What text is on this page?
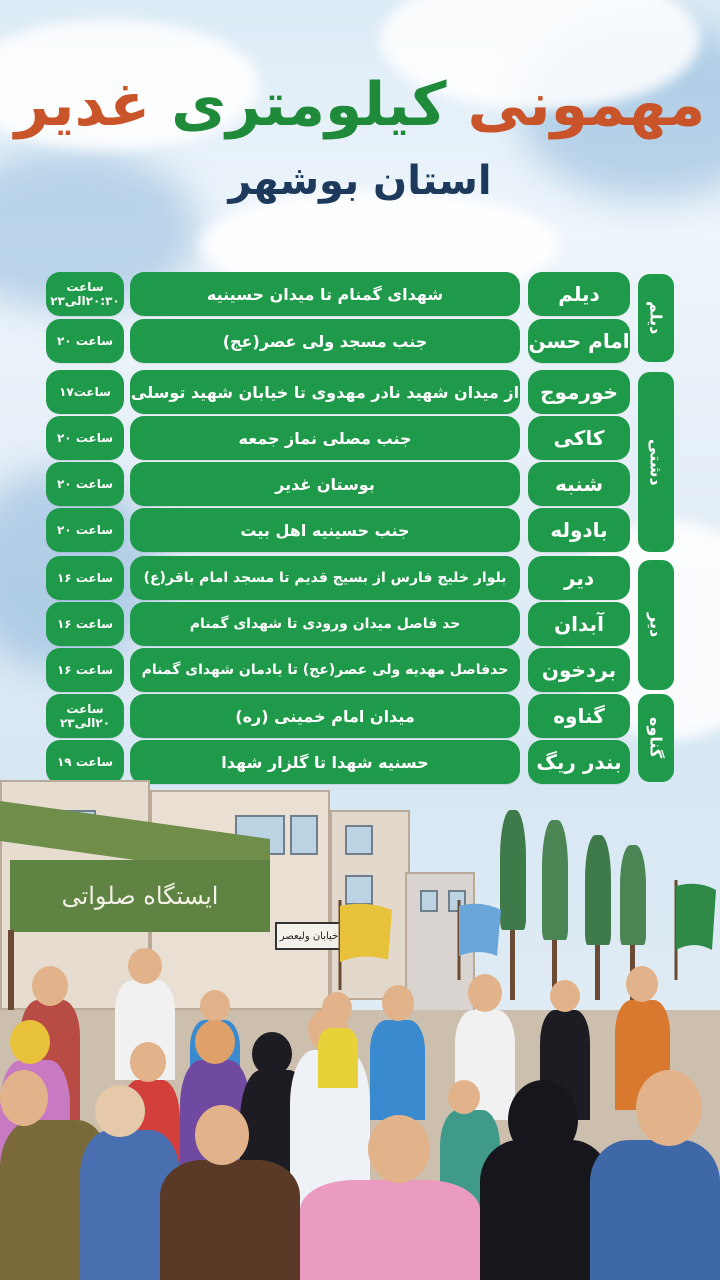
مهمونی کیلومتری غدیر
استان بوشهر
دیلم
دشتی
دیر
گناوه
دیلم
شهدای گمنام تا میدان حسینیه
ساعت
۲۰:۳۰الی۲۳
امام حسن
جنب مسجد ولی عصر(عج)
ساعت ۲۰
خورموج
از میدان شهید نادر مهدوی تا خیابان شهید توسلی
ساعت۱۷
کاکی
جنب مصلی نماز جمعه
ساعت ۲۰
شنبه
بوستان غدیر
ساعت ۲۰
بادوله
جنب حسینیه اهل بیت
ساعت ۲۰
دیر
بلوار خلیج فارس از بسیج قدیم تا مسجد امام باقر(ع)
ساعت ۱۶
آبدان
حد فاصل میدان ورودی تا شهدای گمنام
ساعت ۱۶
بردخون
حدفاصل مهدیه ولی عصر(عج) تا یادمان شهدای گمنام
ساعت ۱۶
گناوه
میدان امام خمینی (ره)
ساعت
۲۰الی۲۳
بندر ریگ
حسنیه شهدا تا گلزار شهدا
ساعت ۱۹
ایستگاه صلواتی
خیابان ولیعصر
